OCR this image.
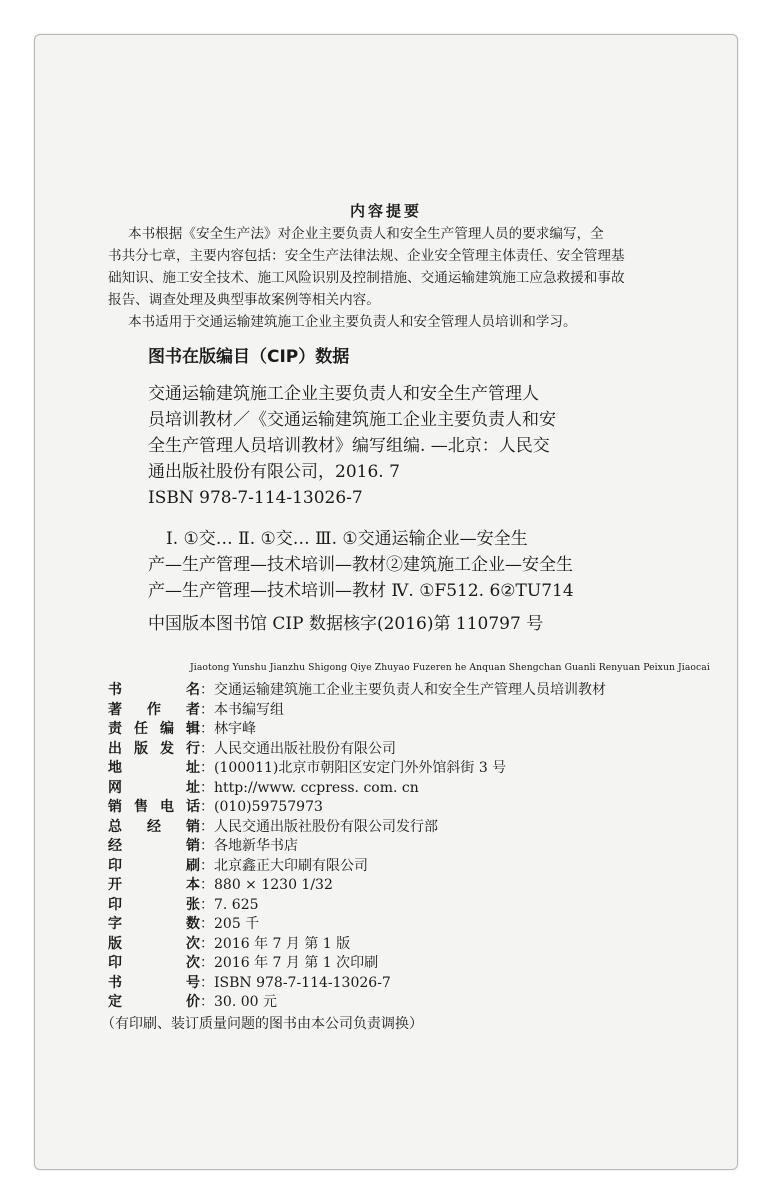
内容提要

本书根据《安全生产法》对企业主要负责人和安全生产管理人员的要求编写，全

书共分七章，主要内容包括：安全生产法律法规、企业安全管理主体责任、安全管理基

础知识、施工安全技术、施工风险识别及控制措施、交通运输建筑施工应急救援和事故

报告、调查处理及典型事故案例等相关内容。

本书适用于交通运输建筑施工企业主要负责人和安全管理人员培训和学习。

图书在版编目（CIP）数据
交通运输建筑施工企业主要负责人和安全生产管理人
员培训教材／《交通运输建筑施工企业主要负责人和安
全生产管理人员培训教材》编写组编. —北京：人民交
通出版社股份有限公司，2016. 7
ISBN 978-7-114-13026-7
Ⅰ. ①交… Ⅱ. ①交… Ⅲ. ①交通运输企业—安全生
产—生产管理—技术培训—教材②建筑施工企业—安全生
产—生产管理—技术培训—教材 Ⅳ. ①F512. 6②TU714
中国版本图书馆 CIP 数据核字(2016)第 110797 号
Jiaotong Yunshu Jianzhu Shigong Qiye Zhuyao Fuzeren he Anquan Shengchan Guanli Renyuan Peixun Jiaocai
书名：交通运输建筑施工企业主要负责人和安全生产管理人员培训教材
著作者：本书编写组
责任编辑：林宇峰
出版发行：人民交通出版社股份有限公司
地址：(100011)北京市朝阳区安定门外外馆斜街 3 号
网址：http://www. ccpress. com. cn
销售电话：(010)59757973
总经销：人民交通出版社股份有限公司发行部
经销：各地新华书店
印刷：北京鑫正大印刷有限公司
开本：880 × 1230 1/32
印张：7. 625
字数：205 千
版次：2016 年 7 月 第 1 版
印次：2016 年 7 月 第 1 次印刷
书号：ISBN 978-7-114-13026-7
定价：30. 00 元
（有印刷、装订质量问题的图书由本公司负责调换）
